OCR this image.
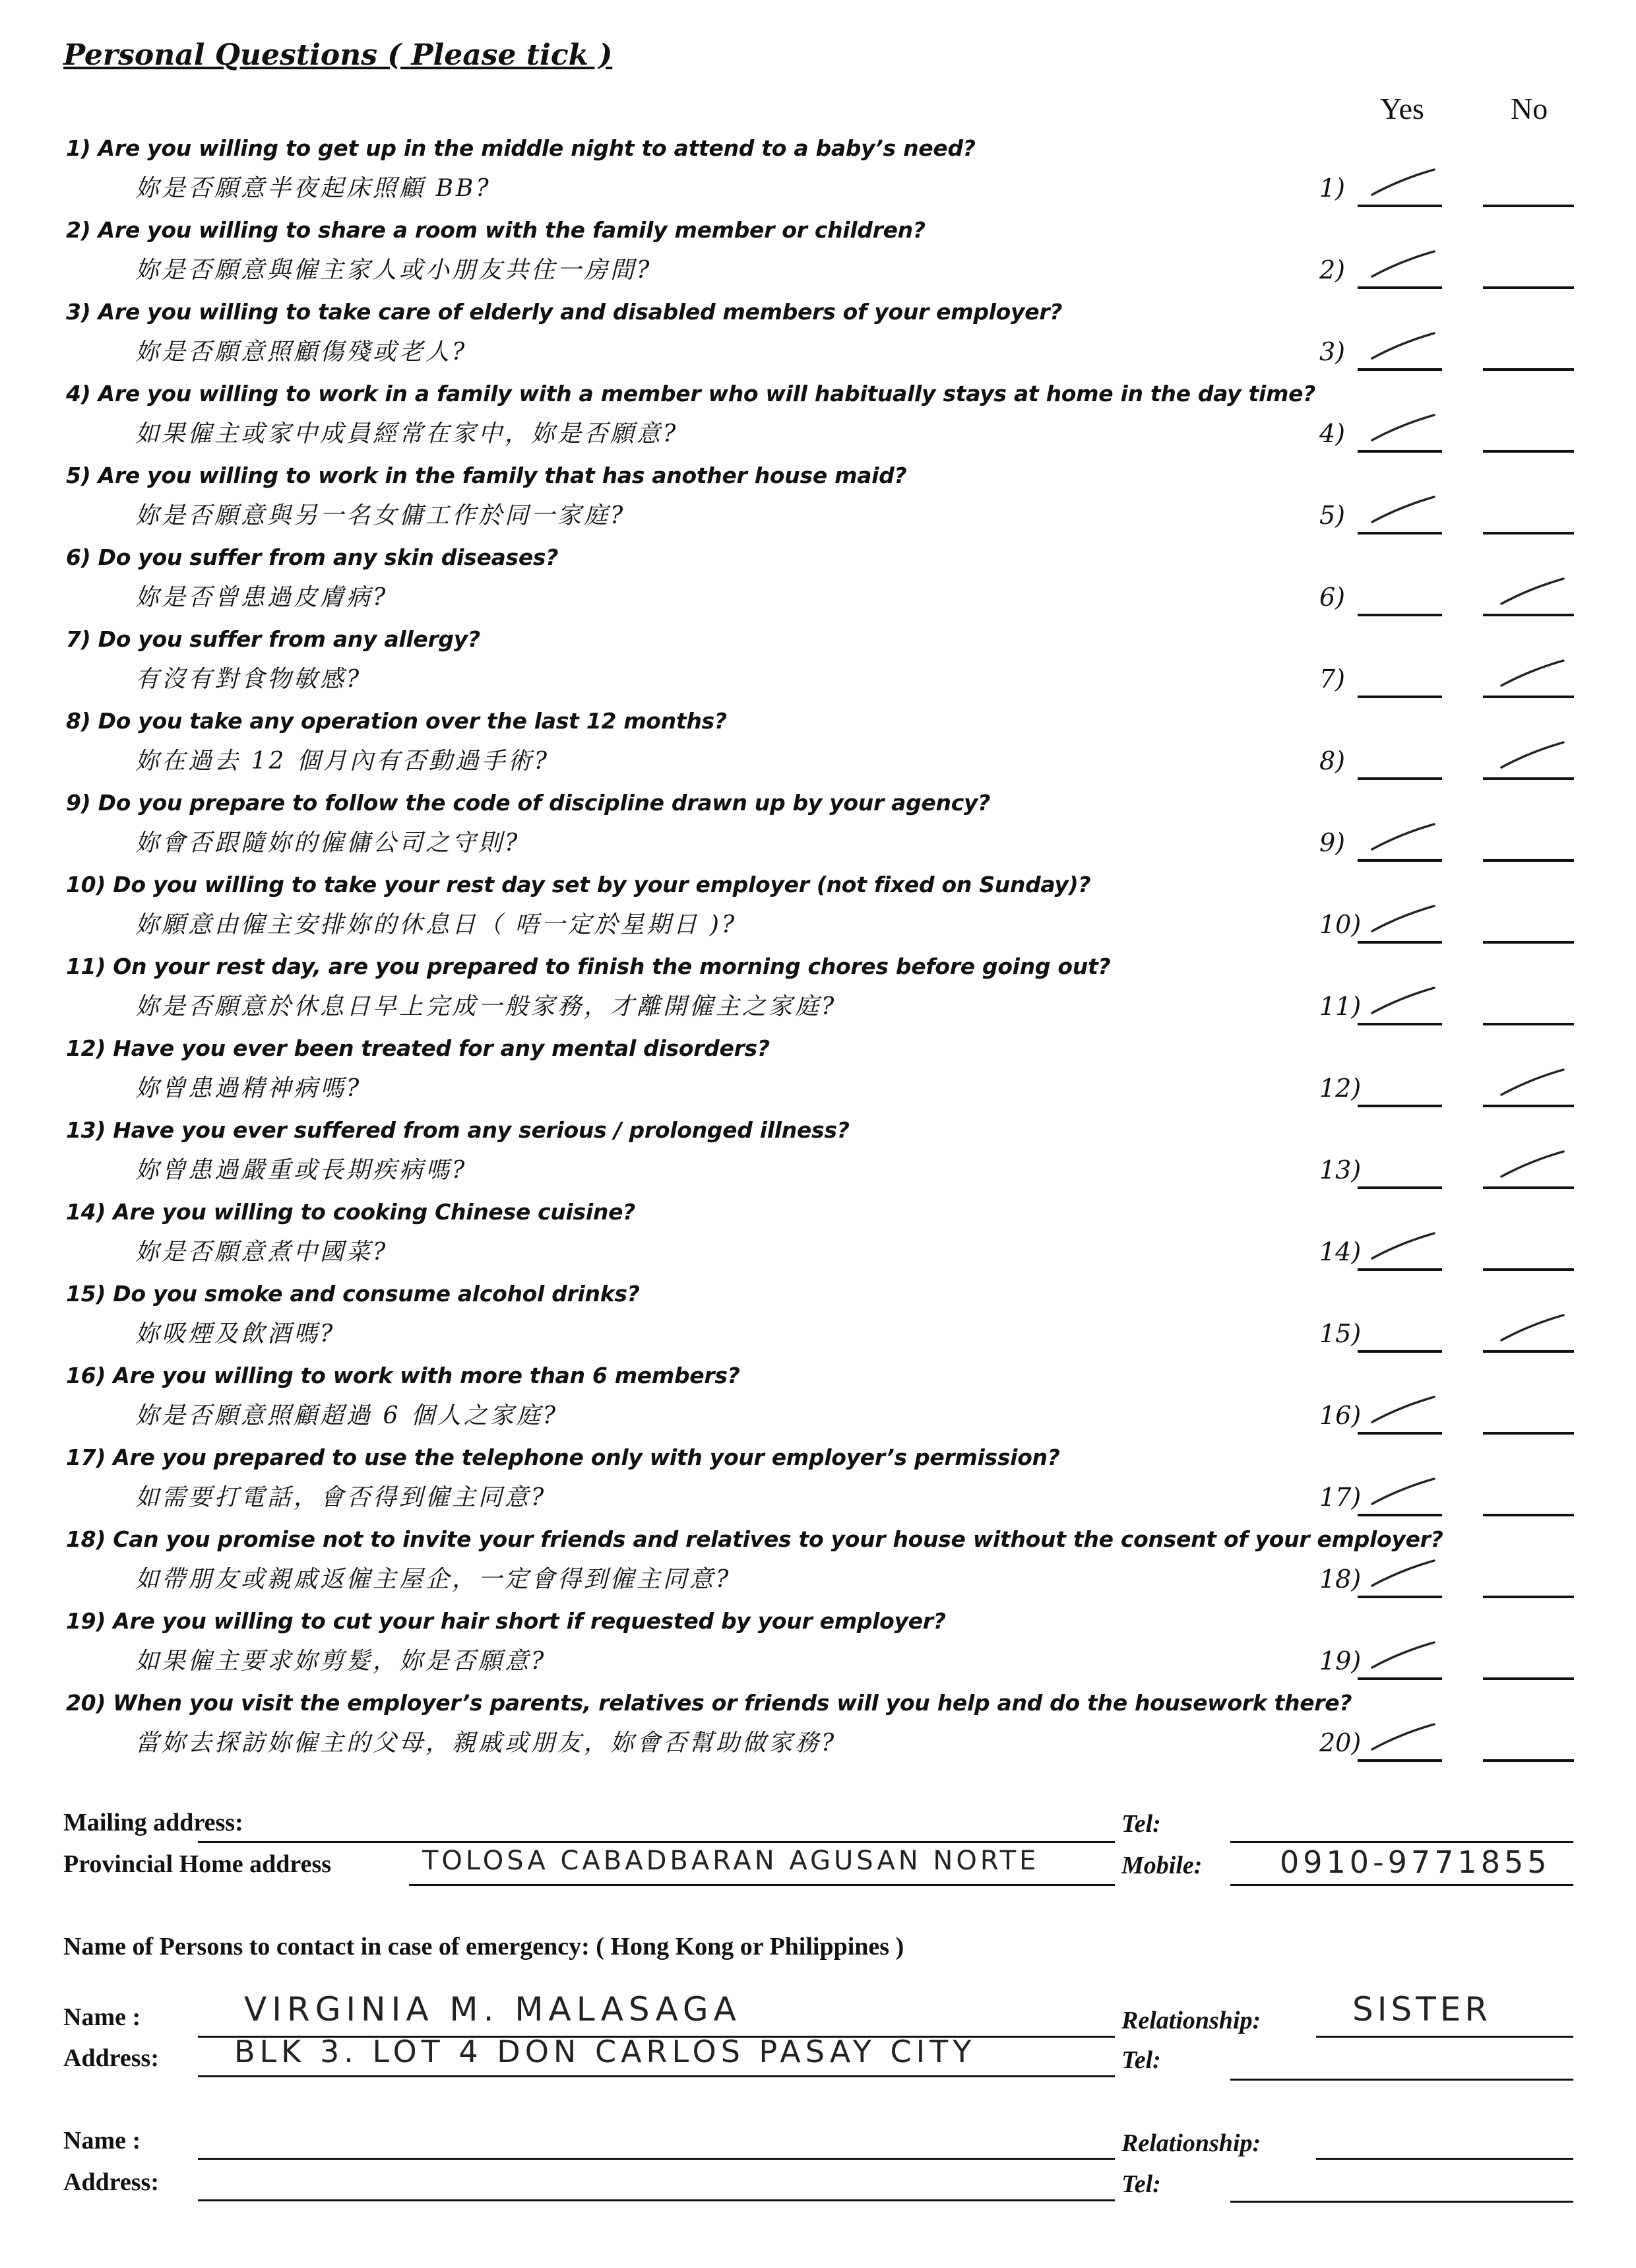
Personal Questions ( Please tick )
Yes	No
1) Are you willing to get up in the middle night to attend to a baby’s need?
妳是否願意半夜起床照顧 BB?	1)
2) Are you willing to share a room with the family member or children?
妳是否願意與僱主家人或小朋友共住一房間?	2)
3) Are you willing to take care of elderly and disabled members of your employer?
妳是否願意照顧傷殘或老人?	3)
4) Are you willing to work in a family with a member who will habitually stays at home in the day time?
如果僱主或家中成員經常在家中，妳是否願意?	4)
5) Are you willing to work in the family that has another house maid?
妳是否願意與另一名女傭工作於同一家庭?	5)
6) Do you suffer from any skin diseases?
妳是否曾患過皮膚病?	6)
7) Do you suffer from any allergy?
有沒有對食物敏感?	7)
8) Do you take any operation over the last 12 months?
妳在過去 12 個月內有否動過手術?	8)
9) Do you prepare to follow the code of discipline drawn up by your agency?
妳會否跟隨妳的僱傭公司之守則?	9)
10) Do you willing to take your rest day set by your employer (not fixed on Sunday)?
妳願意由僱主安排妳的休息日（ 唔一定於星期日 )?	10)
11) On your rest day, are you prepared to finish the morning chores before going out?
妳是否願意於休息日早上完成一般家務，才離開僱主之家庭?	11)
12) Have you ever been treated for any mental disorders?
妳曾患過精神病嗎?	12)
13) Have you ever suffered from any serious / prolonged illness?
妳曾患過嚴重或長期疾病嗎?	13)
14) Are you willing to cooking Chinese cuisine?
妳是否願意煮中國菜?	14)
15) Do you smoke and consume alcohol drinks?
妳吸煙及飲酒嗎?	15)
16) Are you willing to work with more than 6 members?
妳是否願意照顧超過 6 個人之家庭?	16)
17) Are you prepared to use the telephone only with your employer’s permission?
如需要打電話，會否得到僱主同意?	17)
18) Can you promise not to invite your friends and relatives to your house without the consent of your employer?
如帶朋友或親戚返僱主屋企，一定會得到僱主同意?	18)
19) Are you willing to cut your hair short if requested by your employer?
如果僱主要求妳剪髮，妳是否願意?	19)
20) When you visit the employer’s parents, relatives or friends will you help and do the housework there?
當妳去探訪妳僱主的父母，親戚或朋友，妳會否幫助做家務?	20)
Mailing address:	Tel:
Provincial Home address	TOLOSA CABADBARAN AGUSAN NORTE	Mobile:	0910-9771855
Name of Persons to contact in case of emergency: ( Hong Kong or Philippines )
Name :	VIRGINIA M. MALASAGA	Relationship:	SISTER
Address: BLK 3. LOT 4 DON CARLOS PASAY CITY	Tel:
Name :	Relationship:
Address:	Tel:
